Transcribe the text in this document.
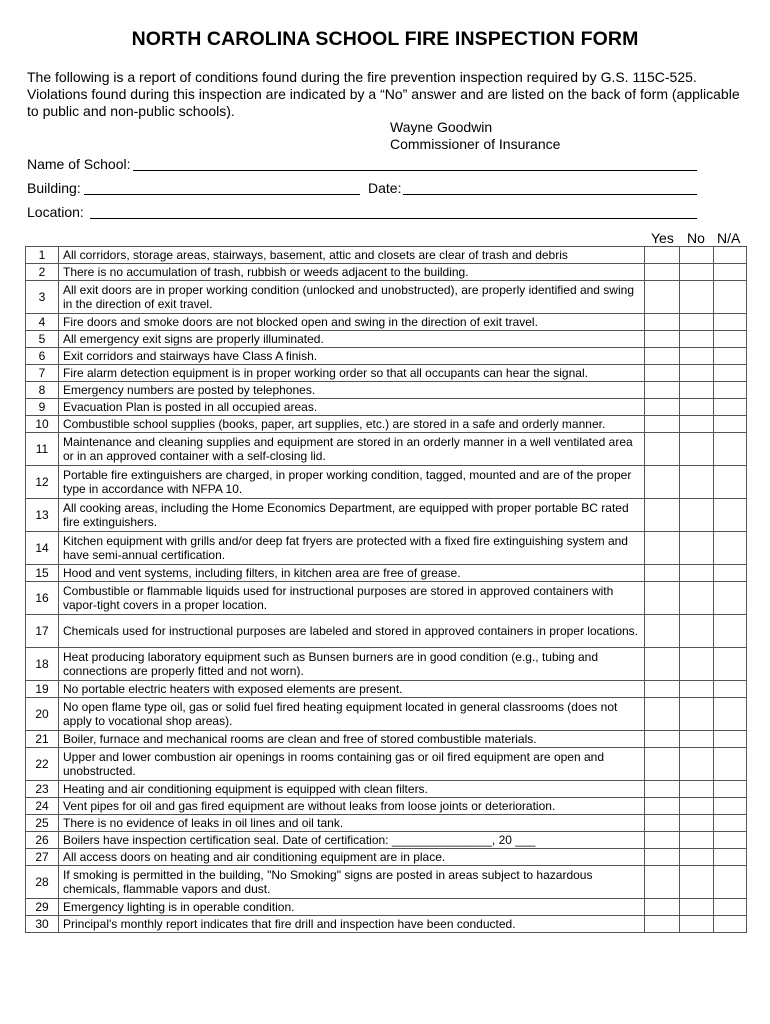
NORTH CAROLINA SCHOOL FIRE INSPECTION FORM
The following is a report of conditions found during the fire prevention inspection required by G.S. 115C-525. Violations found during this inspection are indicated by a “No” answer and are listed on the back of form (applicable to public and non-public schools).
Wayne Goodwin
Commissioner of Insurance
Name of School:
Building:	Date:
Location:
Yes No N/A
1	All corridors, storage areas, stairways, basement, attic and closets are clear of trash and debris			
2	There is no accumulation of trash, rubbish or weeds adjacent to the building.			
3	All exit doors are in proper working condition (unlocked and unobstructed), are properly identified and swing in the direction of exit travel.			
4	Fire doors and smoke doors are not blocked open and swing in the direction of exit travel.			
5	All emergency exit signs are properly illuminated.			
6	Exit corridors and stairways have Class A finish.			
7	Fire alarm detection equipment is in proper working order so that all occupants can hear the signal.			
8	Emergency numbers are posted by telephones.			
9	Evacuation Plan is posted in all occupied areas.			
10	Combustible school supplies (books, paper, art supplies, etc.) are stored in a safe and orderly manner.			
11	Maintenance and cleaning supplies and equipment are stored in an orderly manner in a well ventilated area or in an approved container with a self-closing lid.			
12	Portable fire extinguishers are charged, in proper working condition, tagged, mounted and are of the proper type in accordance with NFPA 10.			
13	All cooking areas, including the Home Economics Department, are equipped with proper portable BC rated fire extinguishers.			
14	Kitchen equipment with grills and/or deep fat fryers are protected with a fixed fire extinguishing system and have semi-annual certification.			
15	Hood and vent systems, including filters, in kitchen area are free of grease.			
16	Combustible or flammable liquids used for instructional purposes are stored in approved containers with vapor-tight covers in a proper location.			
17	Chemicals used for instructional purposes are labeled and stored in approved containers in proper locations.			
18	Heat producing laboratory equipment such as Bunsen burners are in good condition (e.g., tubing and connections are properly fitted and not worn).			
19	No portable electric heaters with exposed elements are present.			
20	No open flame type oil, gas or solid fuel fired heating equipment located in general classrooms (does not apply to vocational shop areas).			
21	Boiler, furnace and mechanical rooms are clean and free of stored combustible materials.			
22	Upper and lower combustion air openings in rooms containing gas or oil fired equipment are open and unobstructed.			
23	Heating and air conditioning equipment is equipped with clean filters.			
24	Vent pipes for oil and gas fired equipment are without leaks from loose joints or deterioration.			
25	There is no evidence of leaks in oil lines and oil tank.			
26	Boilers have inspection certification seal. Date of certification: _______________, 20 ___			
27	All access doors on heating and air conditioning equipment are in place.			
28	If smoking is permitted in the building, "No Smoking" signs are posted in areas subject to hazardous chemicals, flammable vapors and dust.			
29	Emergency lighting is in operable condition.			
30	Principal's monthly report indicates that fire drill and inspection have been conducted.			
